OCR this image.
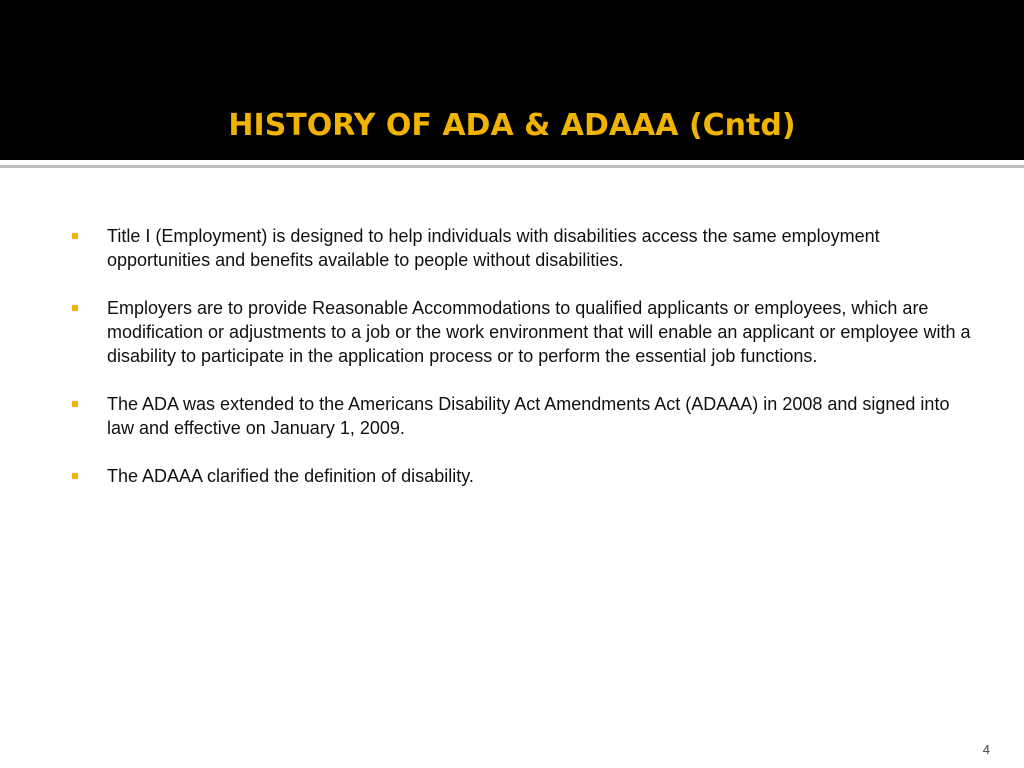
HISTORY OF ADA & ADAAA (Cntd)
Title I (Employment) is designed to help individuals with disabilities access the same employment opportunities and benefits available to people without disabilities.
Employers are to provide Reasonable Accommodations to qualified applicants or employees, which are modification or adjustments to a job or the work environment that will enable an applicant or employee with a disability to participate in the application process or to perform the essential job functions.
The ADA was extended to the Americans Disability Act Amendments Act (ADAAA) in 2008 and signed into law and effective on January 1, 2009.
The ADAAA clarified the definition of disability.
4
